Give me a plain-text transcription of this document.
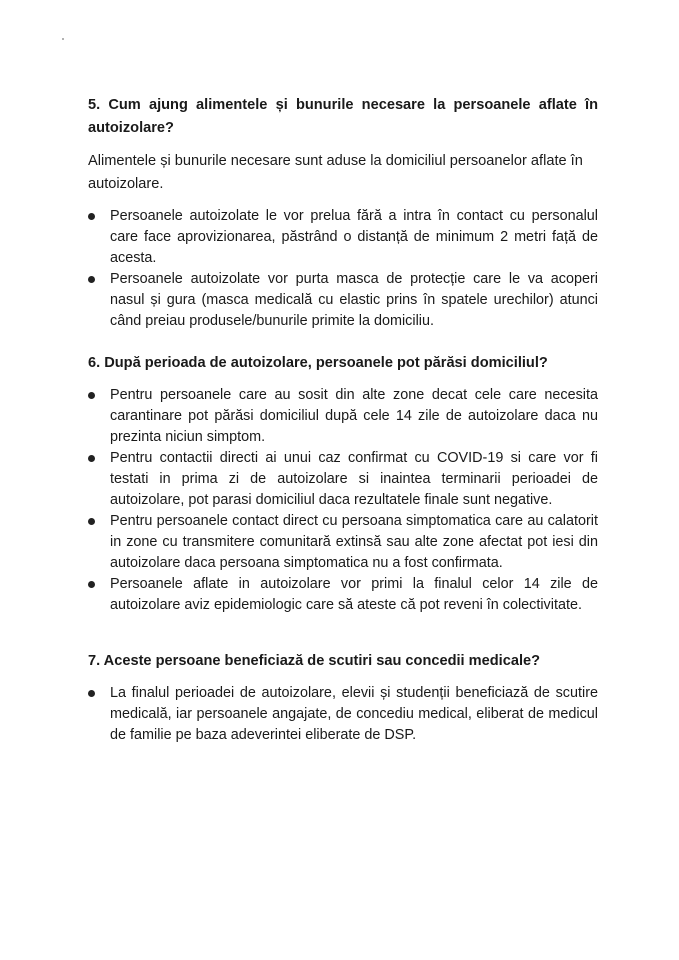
5. Cum ajung alimentele și bunurile necesare la persoanele aflate în autoizolare?

Alimentele și bunurile necesare sunt aduse la domiciliul persoanelor aflate în autoizolare.

Persoanele autoizolate le vor prelua fără a intra în contact cu personalul care face aprovizionarea, păstrând o distanță de minimum 2 metri față de acesta.
Persoanele autoizolate vor purta masca de protecție care le va acoperi nasul și gura (masca medicală cu elastic prins în spatele urechilor) atunci când preiau produsele/bunurile primite la domiciliu.

6. După perioada de autoizolare, persoanele pot părăsi domiciliul?

Pentru persoanele care au sosit din alte zone decat cele care necesita carantinare pot părăsi domiciliul după cele 14 zile de autoizolare daca nu prezinta niciun simptom.
Pentru contactii directi ai unui caz confirmat cu COVID-19 si care vor fi testati in prima zi de autoizolare si inaintea terminarii perioadei de autoizolare, pot parasi domiciliul daca rezultatele finale sunt negative.
Pentru persoanele contact direct cu persoana simptomatica care au calatorit in zone cu transmitere comunitară extinsă sau alte zone afectat pot iesi din autoizolare daca persoana simptomatica nu a fost confirmata.
Persoanele aflate in autoizolare vor primi la finalul celor 14 zile de autoizolare aviz epidemiologic care să ateste că pot reveni în colectivitate.

7. Aceste persoane beneficiază de scutiri sau concedii medicale?

La finalul perioadei de autoizolare, elevii și studenții beneficiază de scutire medicală, iar persoanele angajate, de concediu medical, eliberat de medicul de familie pe baza adeverintei eliberate de DSP.
